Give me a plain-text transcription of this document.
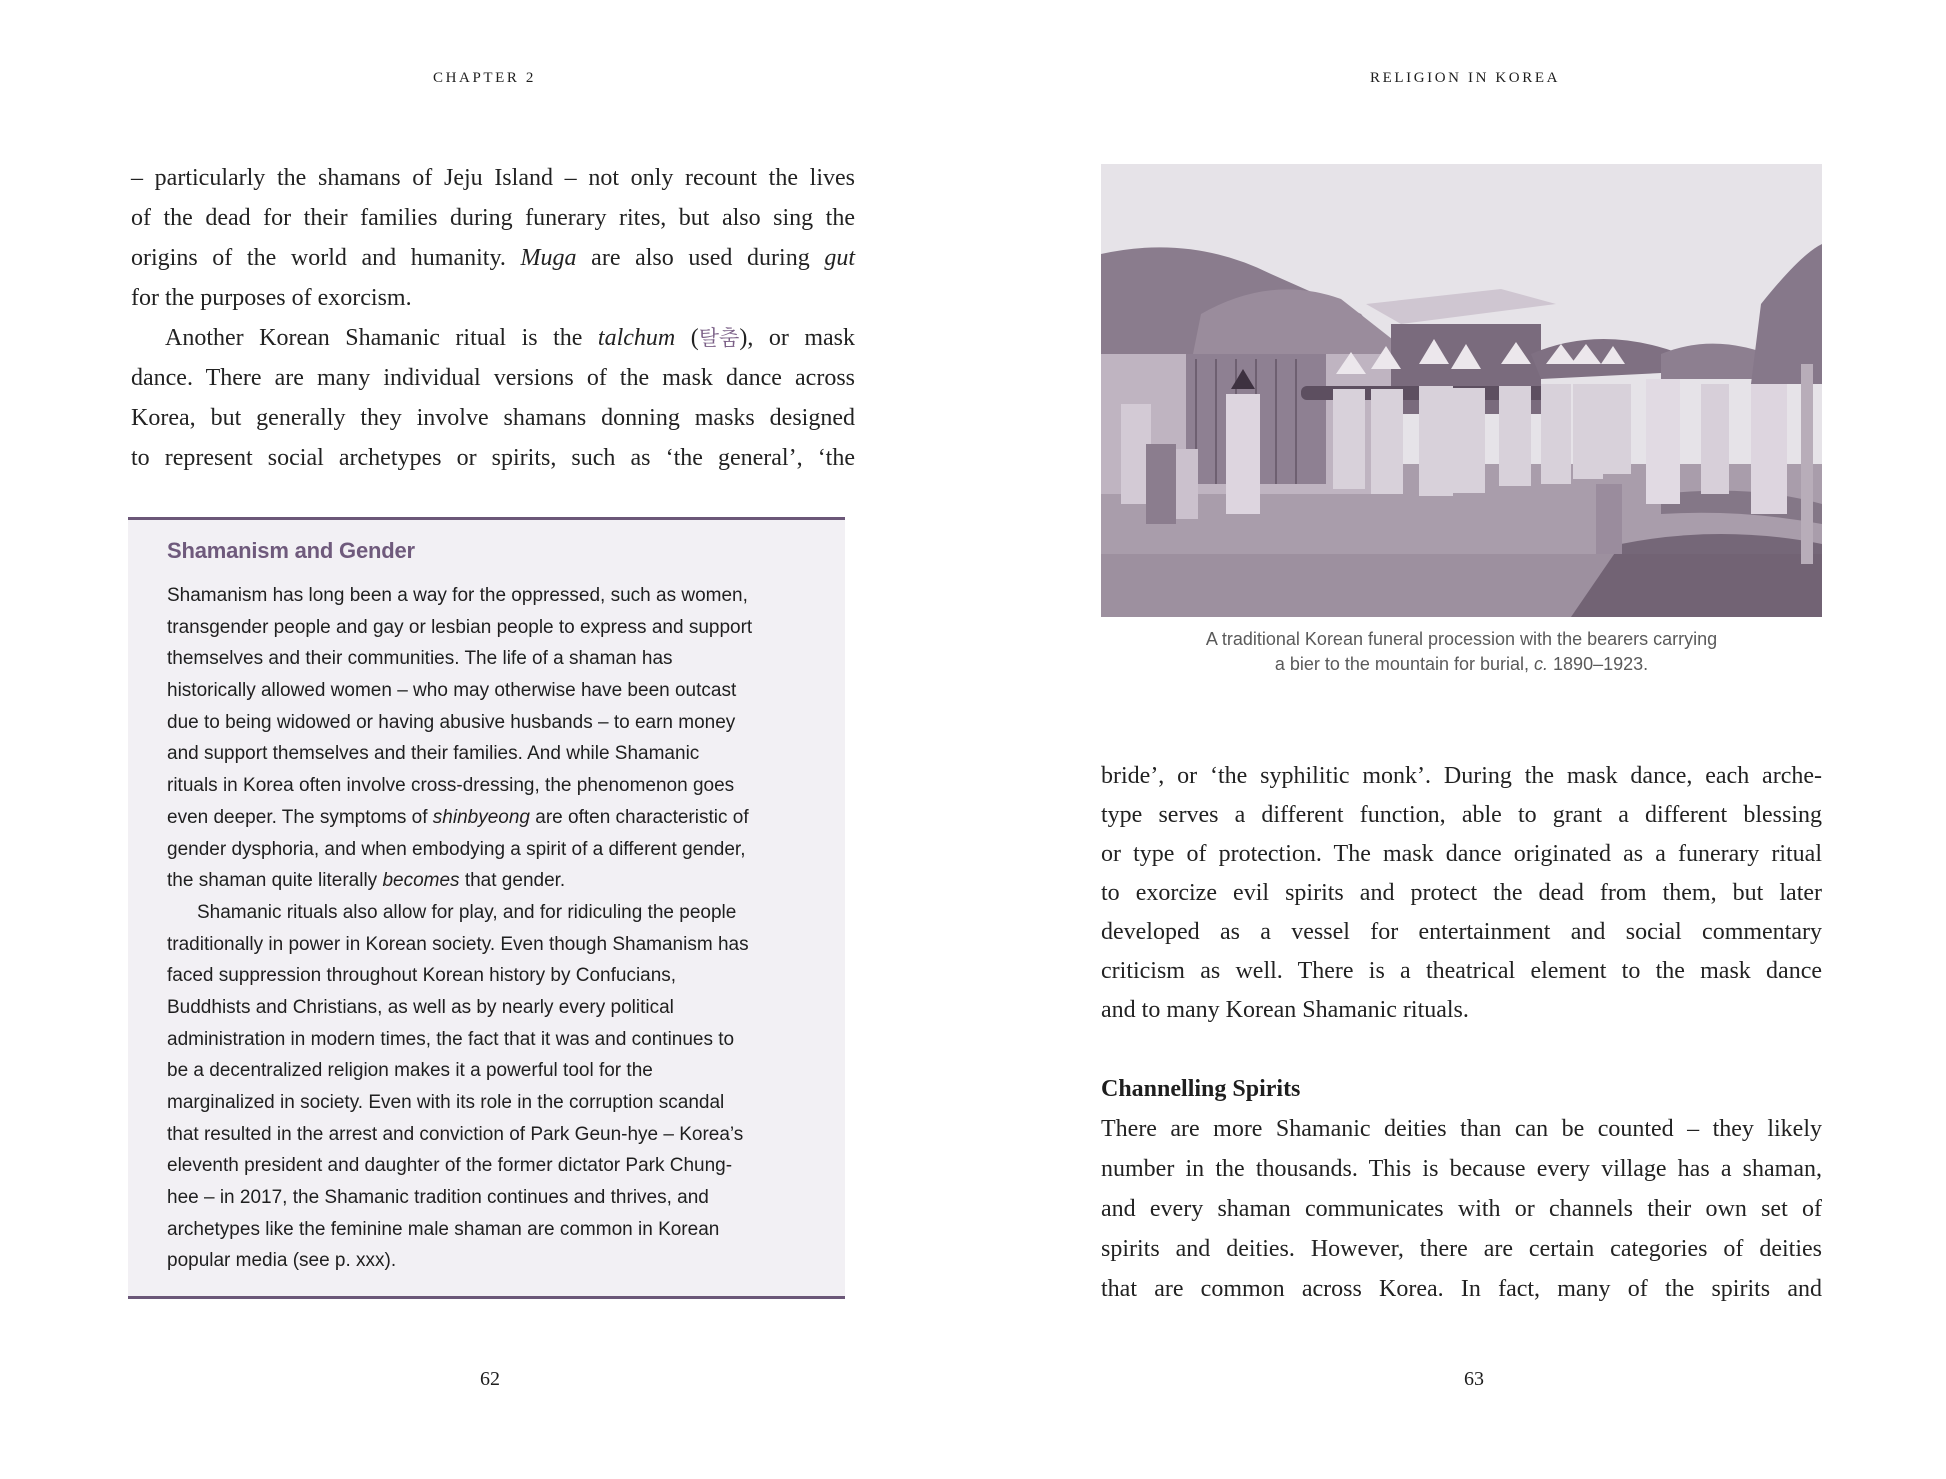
CHAPTER 2
– particularly the shamans of Jeju Island – not only recount the lives
of the dead for their families during funerary rites, but also sing the
origins of the world and humanity. Muga are also used during gut
for the purposes of exorcism.
Another Korean Shamanic ritual is the talchum (탈춤), or mask
dance. There are many individual versions of the mask dance across
Korea, but generally they involve shamans donning masks designed
to represent social archetypes or spirits, such as ‘the general’, ‘the
Shamanism and Gender
Shamanism has long been a way for the oppressed, such as women,
transgender people and gay or lesbian people to express and support
themselves and their communities. The life of a shaman has
historically allowed women – who may otherwise have been outcast
due to being widowed or having abusive husbands – to earn money
and support themselves and their families. And while Shamanic
rituals in Korea often involve cross-dressing, the phenomenon goes
even deeper. The symptoms of shinbyeong are often characteristic of
gender dysphoria, and when embodying a spirit of a different gender,
the shaman quite literally becomes that gender.
Shamanic rituals also allow for play, and for ridiculing the people
traditionally in power in Korean society. Even though Shamanism has
faced suppression throughout Korean history by Confucians,
Buddhists and Christians, as well as by nearly every political
administration in modern times, the fact that it was and continues to
be a decentralized religion makes it a powerful tool for the
marginalized in society. Even with its role in the corruption scandal
that resulted in the arrest and conviction of Park Geun-hye – Korea’s
eleventh president and daughter of the former dictator Park Chung-
hee – in 2017, the Shamanic tradition continues and thrives, and
archetypes like the feminine male shaman are common in Korean
popular media (see p. xxx).
62
RELIGION IN KOREA
A traditional Korean funeral procession with the bearers carrying
a bier to the mountain for burial, c. 1890–1923.
bride’, or ‘the syphilitic monk’. During the mask dance, each arche-
type serves a different function, able to grant a different blessing
or type of protection. The mask dance originated as a funerary ritual
to exorcize evil spirits and protect the dead from them, but later
developed as a vessel for entertainment and social commentary
criticism as well. There is a theatrical element to the mask dance
and to many Korean Shamanic rituals.
Channelling Spirits
There are more Shamanic deities than can be counted – they likely
number in the thousands. This is because every village has a shaman,
and every shaman communicates with or channels their own set of
spirits and deities. However, there are certain categories of deities
that are common across Korea. In fact, many of the spirits and
63
